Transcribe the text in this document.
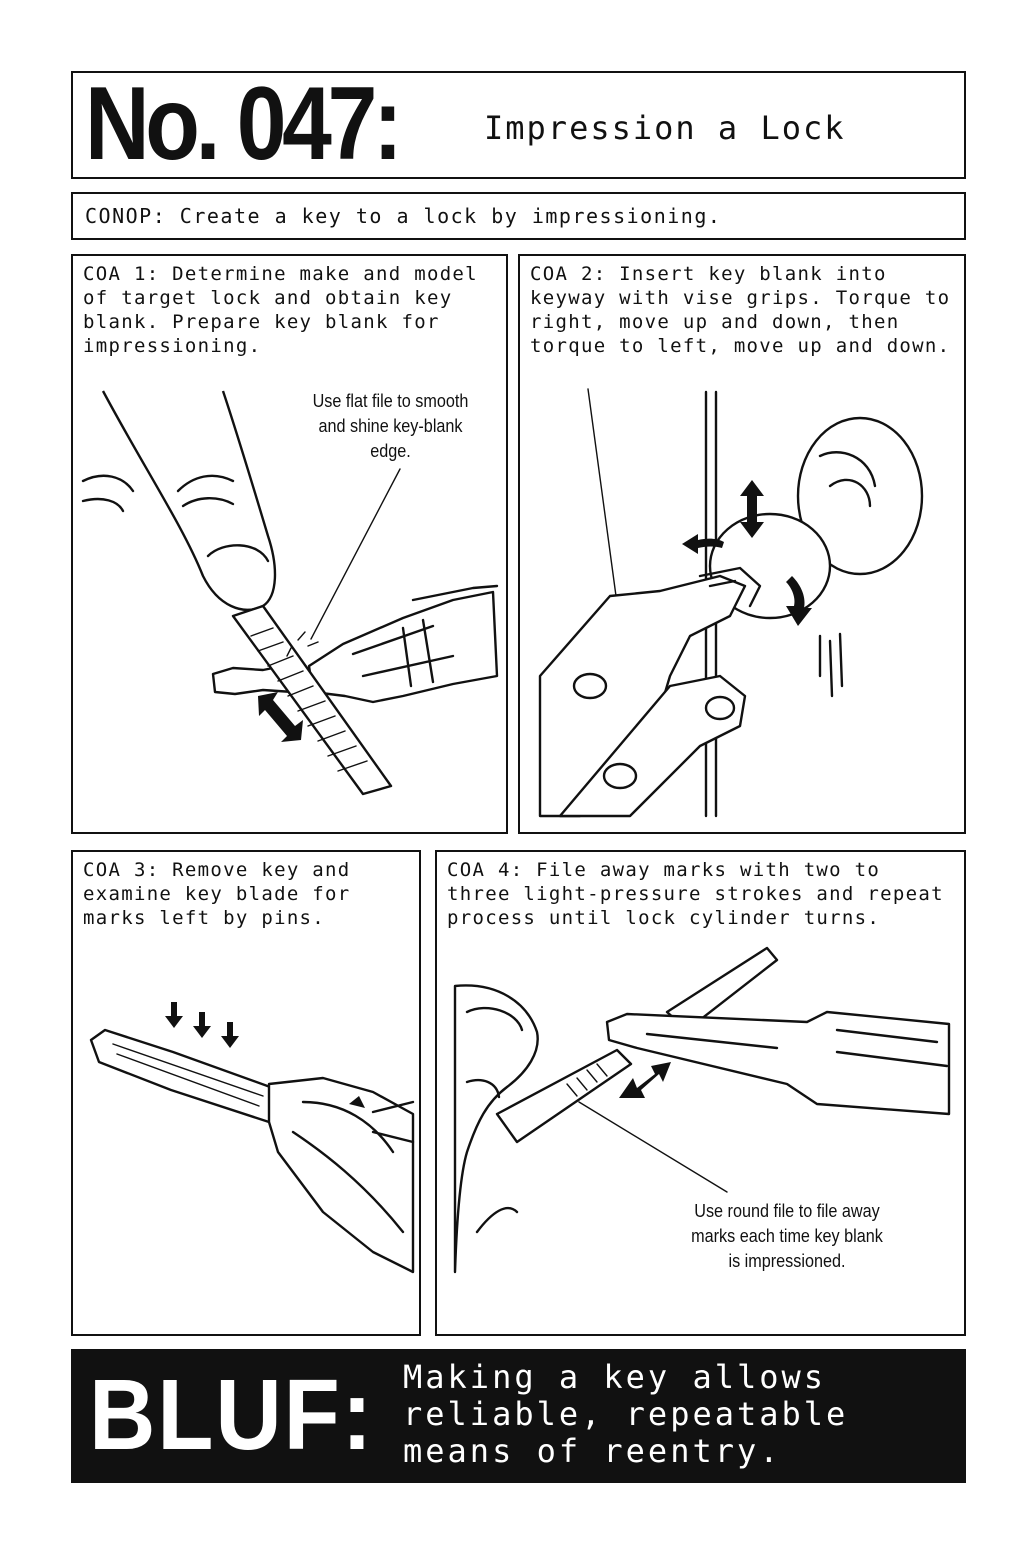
No. 047:	Impression a Lock
CONOP: Create a key to a lock by impressioning.
COA 1: Determine make and model of target lock and obtain key blank. Prepare key blank for impressioning.
Use flat file to smooth and shine key-blank edge.
COA 2: Insert key blank into keyway with vise grips. Torque to right, move up and down, then torque to left, move up and down.
COA 3: Remove key and examine key blade for marks left by pins.
COA 4: File away marks with two to three light-pressure strokes and repeat process until lock cylinder turns.
Use round file to file away marks each time key blank is impressioned.
BLUF: Making a key allows reliable, repeatable means of reentry.
